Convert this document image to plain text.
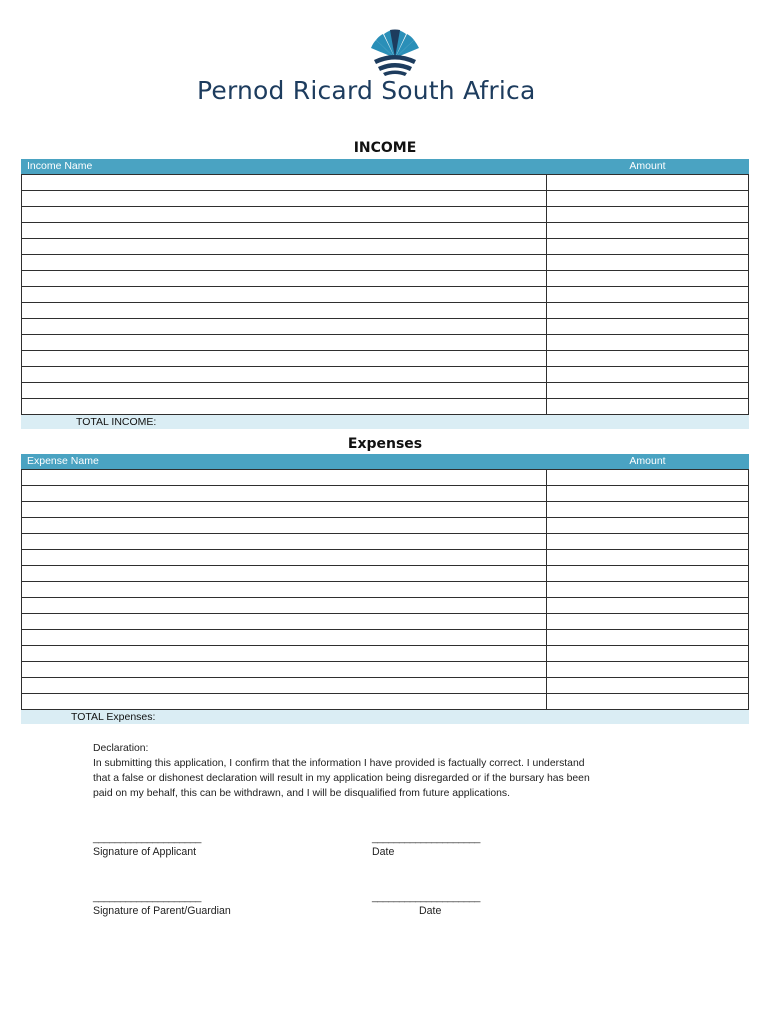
Pernod Ricard South Africa
INCOME
Income Name	Amount
TOTAL INCOME:
Expenses
Expense Name	Amount
TOTAL Expenses:

Declaration:

In submitting this application, I confirm that the information I have provided is factually correct. I understand

that a false or dishonest declaration will result in my application being disregarded or if the bursary has been

paid on my behalf, this can be withdrawn, and I will be disqualified from future applications.

____________________
Signature of Applicant
____________________
Date
____________________
Signature of Parent/Guardian
____________________
Date
